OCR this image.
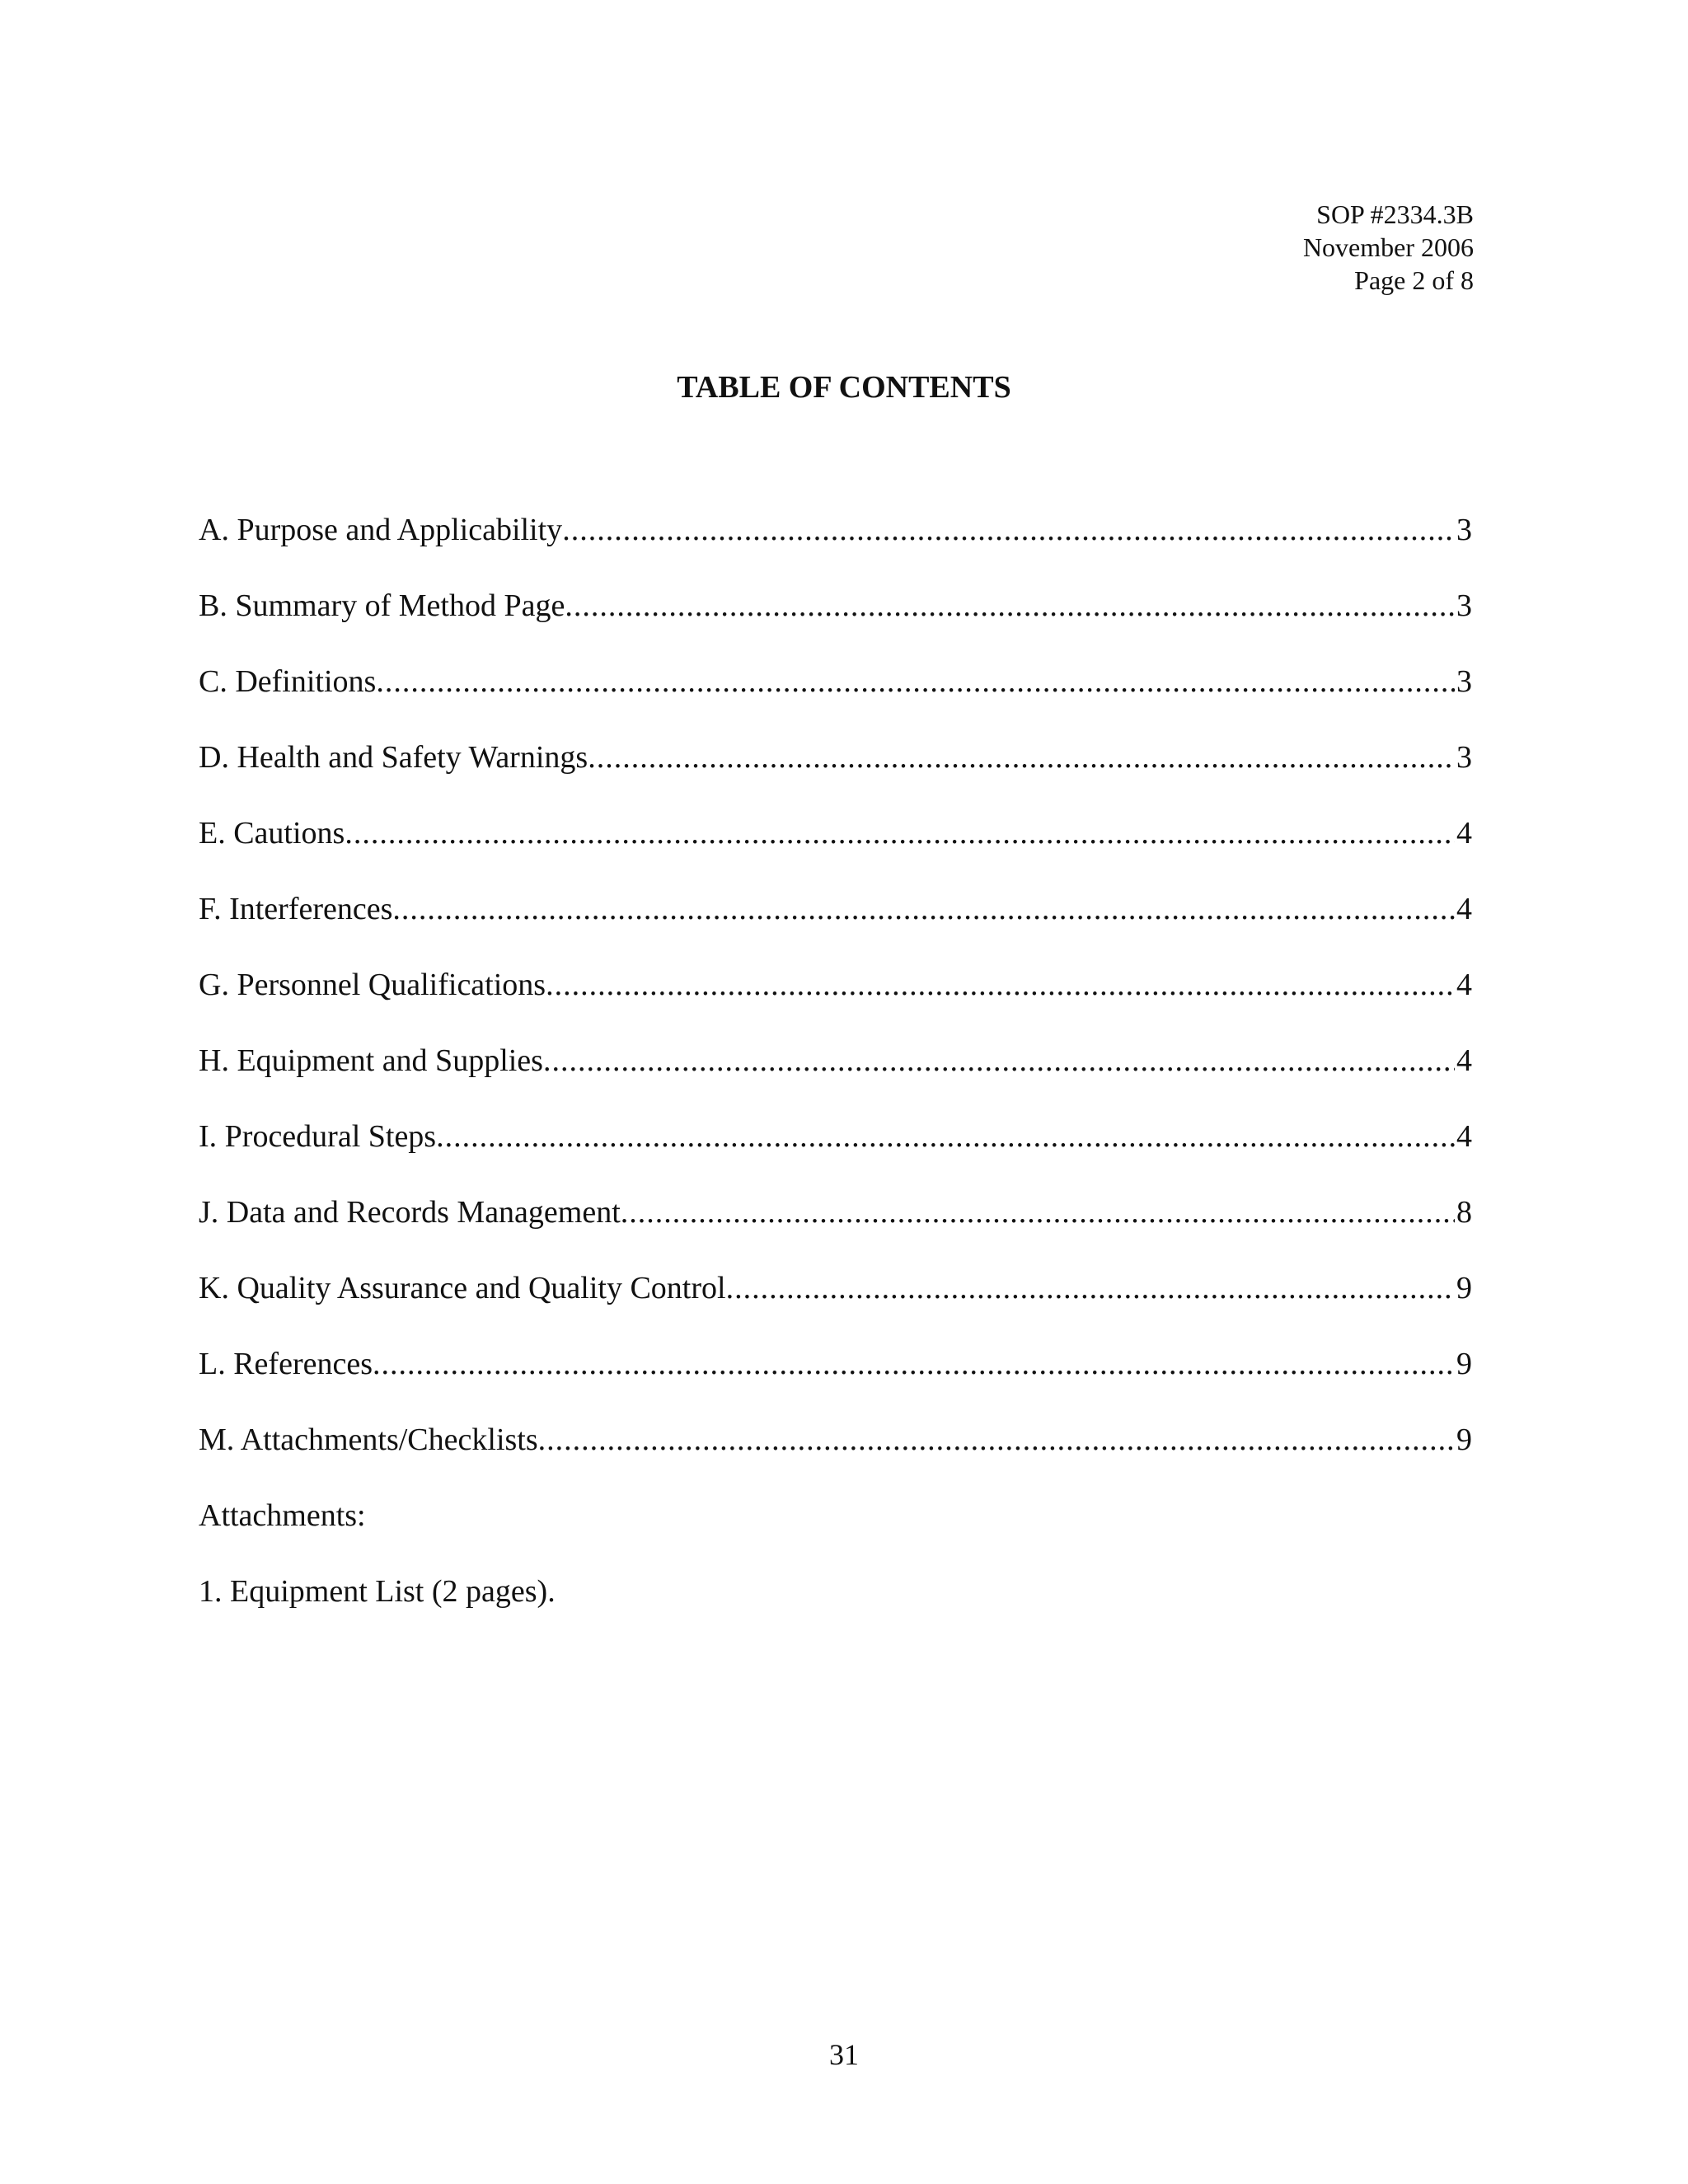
SOP #2334.3B
November 2006
Page 2 of 8
TABLE OF CONTENTS
A. Purpose and Applicability .....	3
B. Summary of Method Page .....	3
C. Definitions .....	3
D. Health and Safety Warnings .....	3
E. Cautions .....	4
F. Interferences .....	4
G. Personnel Qualifications .....	4
H. Equipment and Supplies .....	4
I. Procedural Steps .....	4
J. Data and Records Management .....	8
K. Quality Assurance and Quality Control .....	9
L. References .....	9
M. Attachments/Checklists .....	9
Attachments:
1. Equipment List (2 pages).
31
